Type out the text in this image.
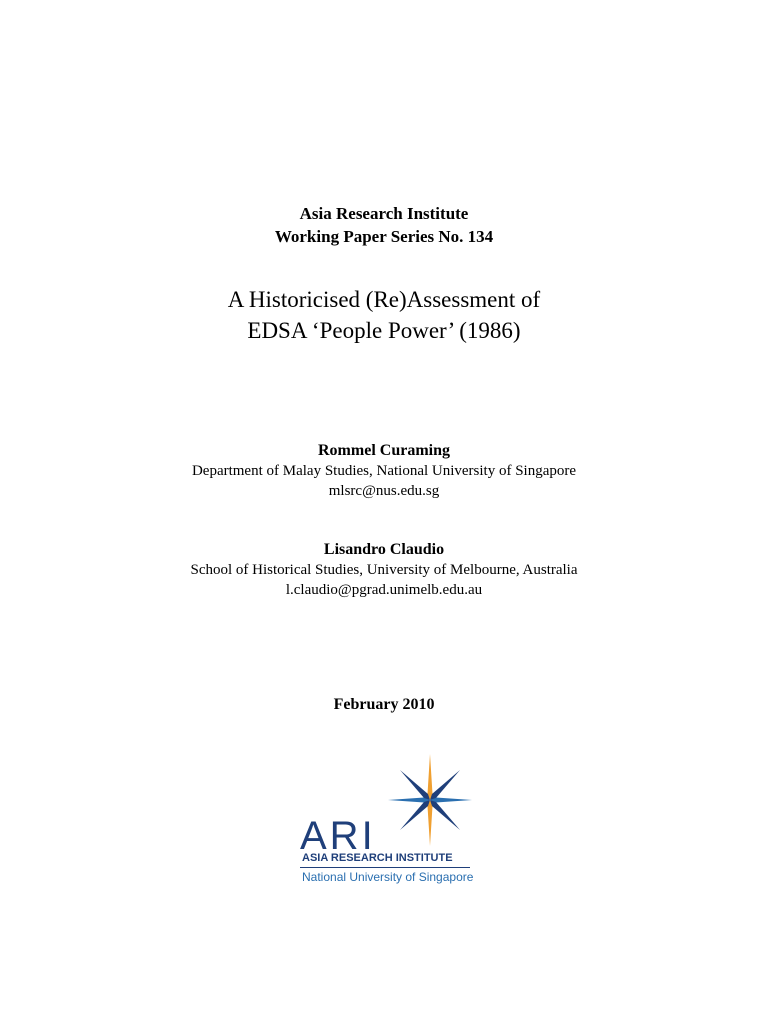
Asia Research Institute
Working Paper Series No. 134
A Historicised (Re)Assessment of
EDSA ‘People Power’ (1986)
Rommel Curaming
Department of Malay Studies, National University of Singapore
mlsrc@nus.edu.sg
Lisandro Claudio
School of Historical Studies, University of Melbourne, Australia
l.claudio@pgrad.unimelb.edu.au
February 2010
ARI
ASIA RESEARCH INSTITUTE
National University of Singapore
